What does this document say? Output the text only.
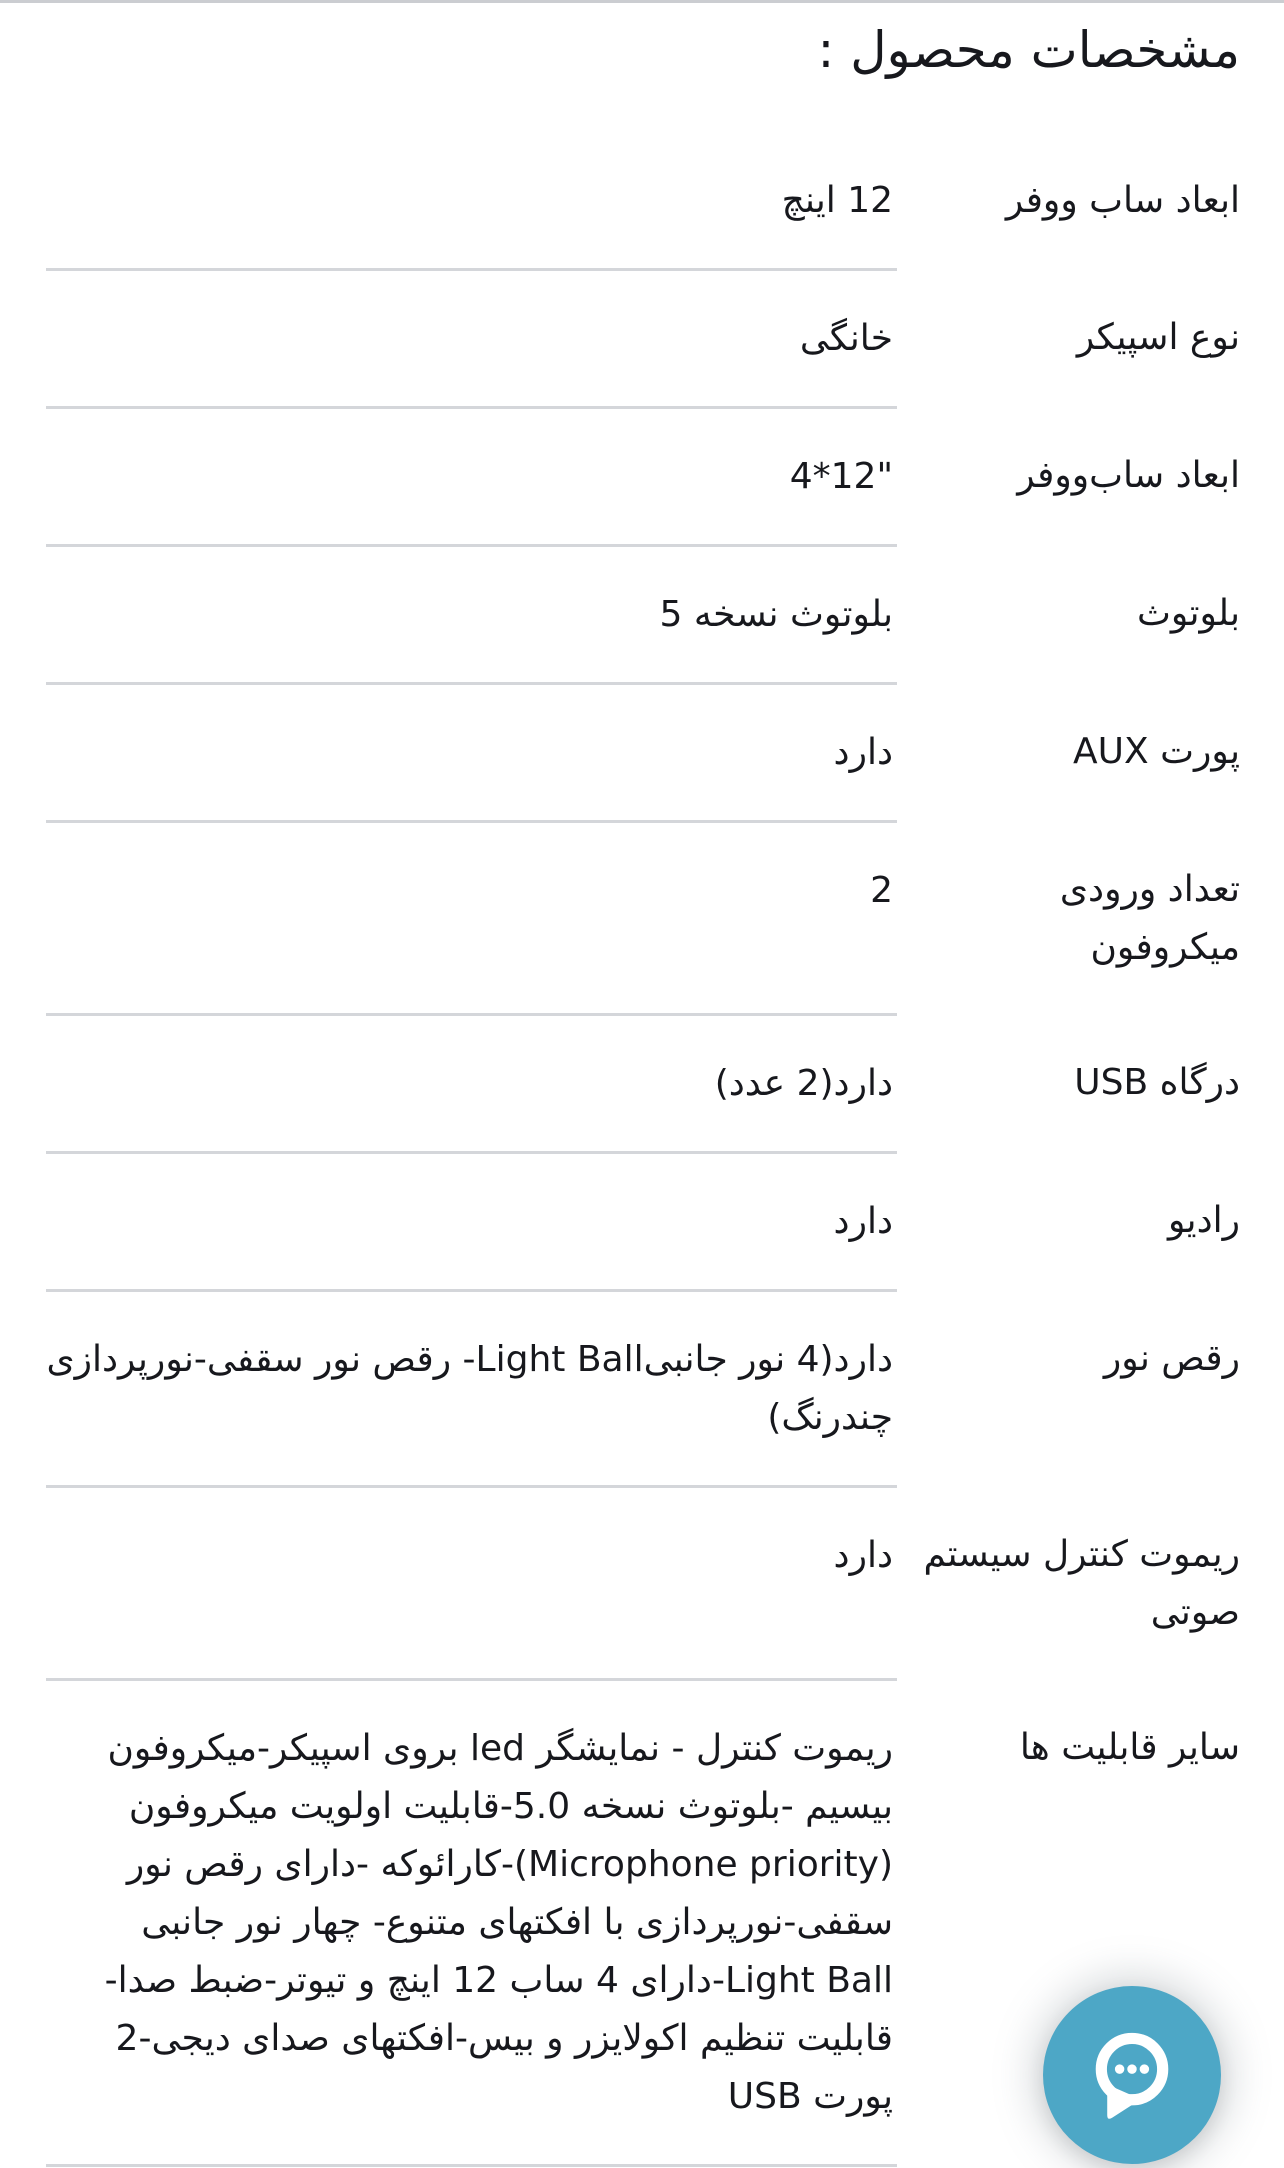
مشخصات محصول :
ابعاد ساب ووفر	12 اینچ
نوع اسپیکر	خانگی
ابعاد ساب‌ووفر	"12*4
بلوتوث	بلوتوث نسخه 5
پورت AUX	دارد
تعداد ورودی میکروفون	2
درگاه USB	دارد(2 عدد)
رادیو	دارد
رقص نور	دارد(4 نور جانبیLight Ball- رقص نور سقفی-نورپردازی چندرنگ)
ریموت کنترل سیستم صوتی	دارد
سایر قابلیت ها	ریموت کنترل - نمایشگر led بروی اسپیکر-میکروفون بیسیم -بلوتوث نسخه 5.0-قابلیت اولویت میکروفون (Microphone priority)-کارائوکه -دارای رقص نور سقفی-نورپردازی با افکتهای متنوع- چهار نور جانبی Light Ball-دارای 4 ساب 12 اینچ و تیوتر-ضبط صدا-قابلیت تنظیم اکولایزر و بیس-افکتهای صدای دیجی-2 پورت USB
